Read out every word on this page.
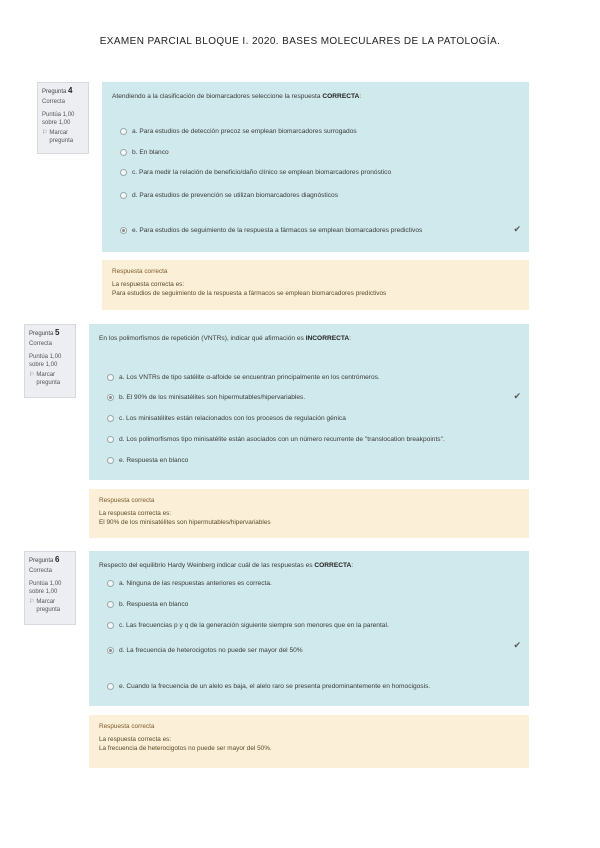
EXAMEN PARCIAL BLOQUE I. 2020. BASES MOLECULARES DE LA PATOLOGÍA.
Pregunta 4
Correcta
Puntúa 1,00 sobre 1,00
⚐ Marcar pregunta
Atendiendo a la clasificación de biomarcadores seleccione la respuesta CORRECTA:
a. Para estudios de detección precoz se emplean biomarcadores surrogados
b. En blanco
c. Para medir la relación de beneficio/daño clínico se emplean biomarcadores pronóstico
d. Para estudios de prevención se utilizan biomarcadores diagnósticos
e. Para estudios de seguimiento de la respuesta a fármacos se emplean biomarcadores predictivos	✔
Respuesta correcta
La respuesta correcta es:
Para estudios de seguimiento de la respuesta a fármacos se emplean biomarcadores predictivos
Pregunta 5
Correcta
Puntúa 1,00 sobre 1,00
⚐ Marcar pregunta
En los polimorfismos de repetición (VNTRs), indicar qué afirmación es INCORRECTA:
a. Los VNTRs de tipo satélite α-alfoide se encuentran principalmente en los centrómeros.
b. El 90% de los minisatélites son hipermutables/hipervariables.
c. Los minisatélites están relacionados con los procesos de regulación génica
d. Los polimorfismos tipo minisatélite están asociados con un número recurrente de "translocation breakpoints".
e. Respuesta en blanco
✔
Respuesta correcta
La respuesta correcta es:
El 90% de los minisatélites son hipermutables/hipervariables
Pregunta 6
Correcta
Puntúa 1,00 sobre 1,00
⚐ Marcar pregunta
Respecto del equilibrio Hardy Weinberg indicar cuál de las respuestas es CORRECTA:
a. Ninguna de las respuestas anteriores es correcta.
b. Respuesta en blanco
c. Las frecuencias p y q de la generación siguiente siempre son menores que en la parental.
d. La frecuencia de heterocigotos no puede ser mayor del 50%
e. Cuando la frecuencia de un alelo es baja, el alelo raro se presenta predominantemente en homocigosis.
✔
Respuesta correcta
La respuesta correcta es:
La frecuencia de heterocigotos no puede ser mayor del 50%.
